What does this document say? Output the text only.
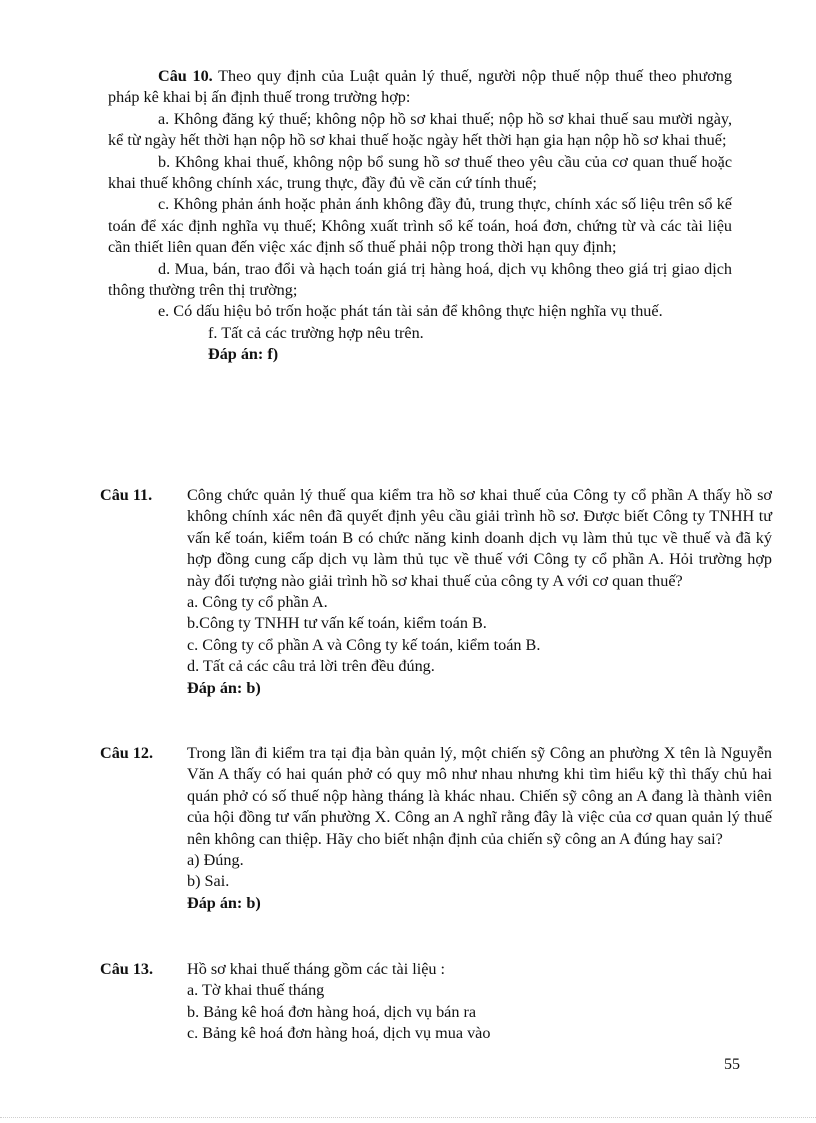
Câu 10. Theo quy định của Luật quản lý thuế, người nộp thuế nộp thuế theo phương pháp kê khai bị ấn định thuế trong trường hợp:

a. Không đăng ký thuế; không nộp hồ sơ khai thuế; nộp hồ sơ khai thuế sau mười ngày, kể từ ngày hết thời hạn nộp hồ sơ khai thuế hoặc ngày hết thời hạn gia hạn nộp hồ sơ khai thuế;

b. Không khai thuế, không nộp bổ sung hồ sơ thuế theo yêu cầu của cơ quan thuế hoặc khai thuế không chính xác, trung thực, đầy đủ về căn cứ tính thuế;

c. Không phản ánh hoặc phản ánh không đầy đủ, trung thực, chính xác số liệu trên sổ kế toán để xác định nghĩa vụ thuế; Không xuất trình sổ kế toán, hoá đơn, chứng từ và các tài liệu cần thiết liên quan đến việc xác định số thuế phải nộp trong thời hạn quy định;

d. Mua, bán, trao đổi và hạch toán giá trị hàng hoá, dịch vụ không theo giá trị giao dịch thông thường trên thị trường;

e. Có dấu hiệu bỏ trốn hoặc phát tán tài sản để không thực hiện nghĩa vụ thuế.

f. Tất cả các trường hợp nêu trên.

Đáp án: f)

Câu 11.	Công chức quản lý thuế qua kiểm tra hồ sơ khai thuế của Công ty cổ phần A thấy hồ sơ không chính xác nên đã quyết định yêu cầu giải trình hồ sơ. Được biết Công ty TNHH tư vấn kế toán, kiểm toán B có chức năng kinh doanh dịch vụ làm thủ tục về thuế và đã ký hợp đồng cung cấp dịch vụ làm thủ tục về thuế với Công ty cổ phần A. Hỏi trường hợp này đối tượng nào giải trình hồ sơ khai thuế của công ty A với cơ quan thuế?

a. Công ty cổ phần A.

b.Công ty TNHH tư vấn kế toán, kiểm toán B.

c. Công ty cổ phần A và Công ty kế toán, kiểm toán B.

d. Tất cả các câu trả lời trên đều đúng.

Đáp án: b)

Câu 12.	Trong lần đi kiểm tra tại địa bàn quản lý, một chiến sỹ Công an phường X tên là Nguyễn Văn A thấy có hai quán phở có quy mô như nhau nhưng khi tìm hiểu kỹ thì thấy chủ hai quán phở có số thuế nộp hàng tháng là khác nhau. Chiến sỹ công an A đang là thành viên của hội đồng tư vấn phường X. Công an A nghĩ rằng đây là việc của cơ quan quản lý thuế nên không can thiệp. Hãy cho biết nhận định của chiến sỹ công an A đúng hay sai?

a) Đúng.

b) Sai.

Đáp án: b)

Câu 13.	Hồ sơ khai thuế tháng gồm các tài liệu :

a. Tờ khai thuế tháng

b. Bảng kê hoá đơn hàng hoá, dịch vụ bán ra

c. Bảng kê hoá đơn hàng hoá, dịch vụ mua vào

55
